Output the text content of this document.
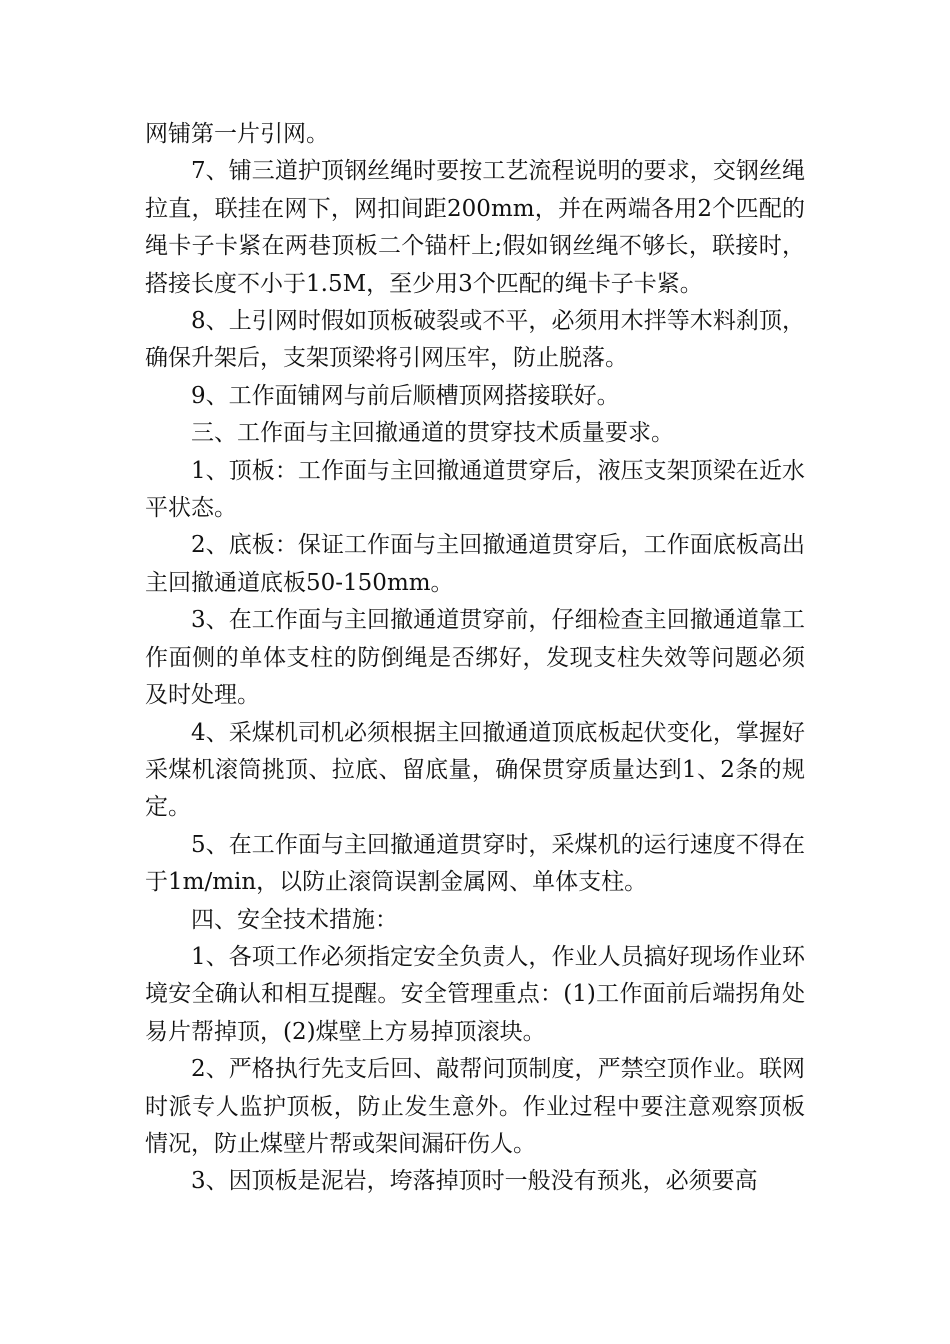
网铺第一片引网。

7、铺三道护顶钢丝绳时要按工艺流程说明的要求，交钢丝绳拉直，联挂在网下，网扣间距200mm，并在两端各用2个匹配的绳卡子卡紧在两巷顶板二个锚杆上;假如钢丝绳不够长，联接时，搭接长度不小于1.5M，至少用3个匹配的绳卡子卡紧。

8、上引网时假如顶板破裂或不平，必须用木拌等木料刹顶，确保升架后，支架顶梁将引网压牢，防止脱落。

9、工作面铺网与前后顺槽顶网搭接联好。

三、工作面与主回撤通道的贯穿技术质量要求。

1、顶板：工作面与主回撤通道贯穿后，液压支架顶梁在近水平状态。

2、底板：保证工作面与主回撤通道贯穿后，工作面底板高出主回撤通道底板50-150mm。

3、在工作面与主回撤通道贯穿前，仔细检查主回撤通道靠工作面侧的单体支柱的防倒绳是否绑好，发现支柱失效等问题必须及时处理。

4、采煤机司机必须根据主回撤通道顶底板起伏变化，掌握好采煤机滚筒挑顶、拉底、留底量，确保贯穿质量达到1、2条的规定。

5、在工作面与主回撤通道贯穿时，采煤机的运行速度不得在于1m/min，以防止滚筒误割金属网、单体支柱。

四、安全技术措施：

1、各项工作必须指定安全负责人，作业人员搞好现场作业环境安全确认和相互提醒。安全管理重点：(1)工作面前后端拐角处易片帮掉顶，(2)煤壁上方易掉顶滚块。

2、严格执行先支后回、敲帮问顶制度，严禁空顶作业。联网时派专人监护顶板，防止发生意外。作业过程中要注意观察顶板情况，防止煤壁片帮或架间漏矸伤人。

3、因顶板是泥岩，垮落掉顶时一般没有预兆，必须要高
